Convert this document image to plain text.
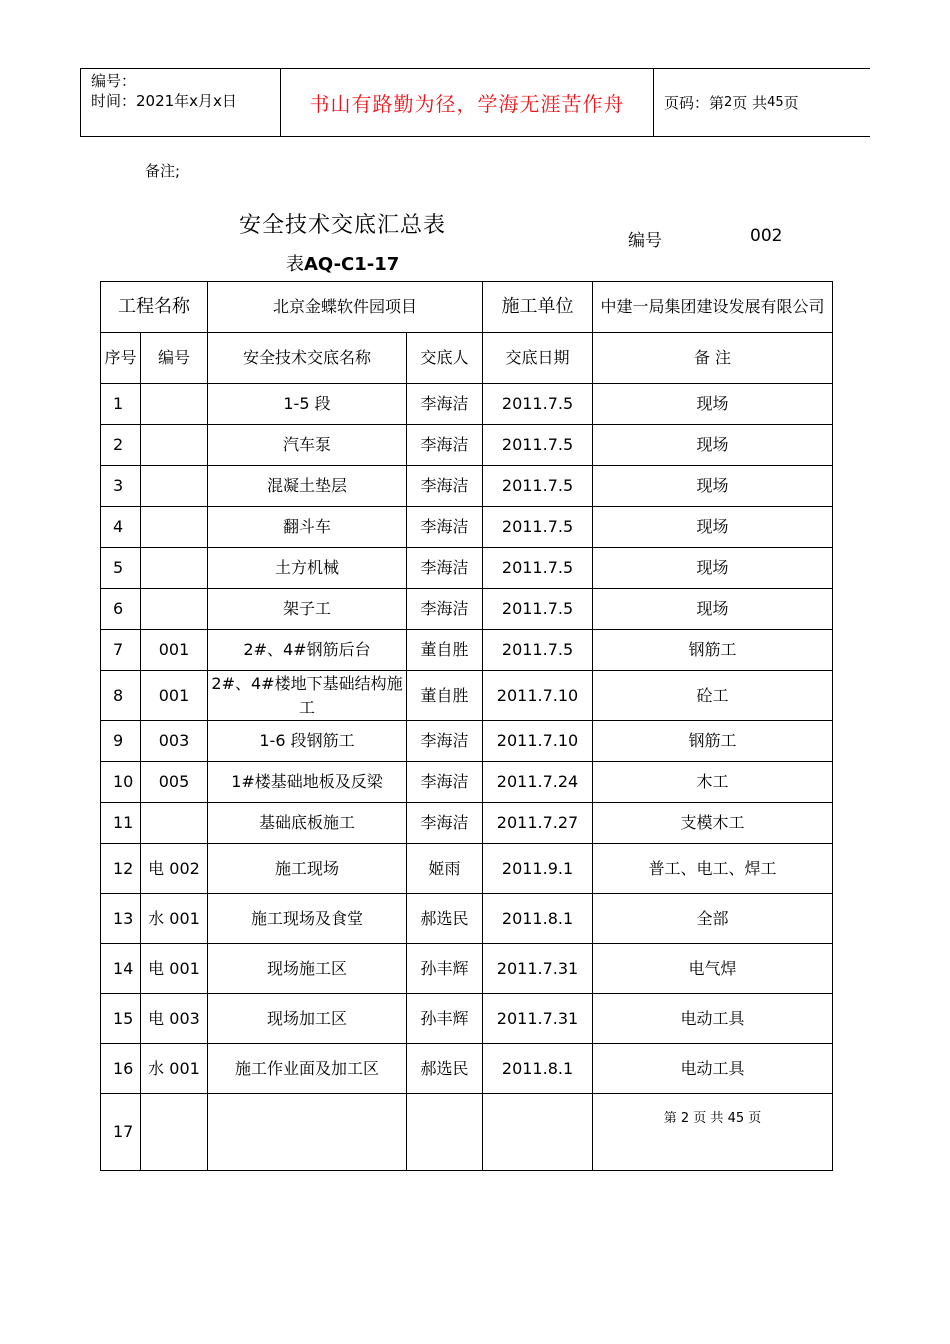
编号：
时间：2021年x月x日	书山有路勤为径，学海无涯苦作舟	页码：第 2 页 共 45 页
备注;
安全技术交底汇总表
表AQ-C1-17
编号	002
工程名称		北京金蝶软件园项目		施工单位	中建一局集团建设发展有限公司
序号	编号	安全技术交底名称	交底人	交底日期	备 注
1		1-5 段	李海洁	2011.7.5	现场
2		汽车泵	李海洁	2011.7.5	现场
3		混凝土垫层	李海洁	2011.7.5	现场
4		翻斗车	李海洁	2011.7.5	现场
5		土方机械	李海洁	2011.7.5	现场
6		架子工	李海洁	2011.7.5	现场
7	001	2#、4#钢筋后台	董自胜	2011.7.5	钢筋工
8	001	2#、4#楼地下基础结构施工	董自胜	2011.7.10	砼工
9	003	1-6 段钢筋工	李海洁	2011.7.10	钢筋工
10	005	1#楼基础地板及反梁	李海洁	2011.7.24	木工
11		基础底板施工	李海洁	2011.7.27	支模木工
12	电 002	施工现场	姬雨	2011.9.1	普工、电工、焊工
13	水 001	施工现场及食堂	郝选民	2011.8.1	全部
14	电 001	现场施工区	孙丰辉	2011.7.31	电气焊
15	电 003	现场加工区	孙丰辉	2011.7.31	电动工具
16	水 001	施工作业面及加工区	郝选民	2011.8.1	电动工具
17					$^{第 2 页 共 45 页}$
